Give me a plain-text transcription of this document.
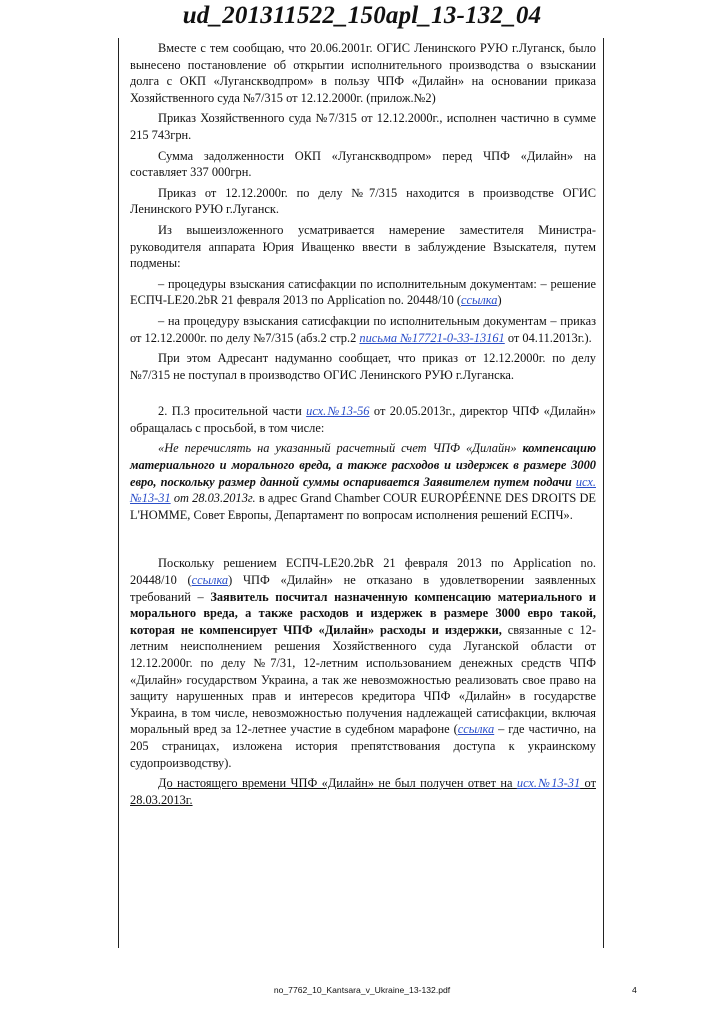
ud_201311522_150apl_13-132_04

Вместе с тем сообщаю, что 20.06.2001г. ОГИС Ленинского РУЮ г.Луганск, было вынесено постановление об открытии исполнительного производства о взыскании долга с ОКП «Луганскводпром» в пользу ЧПФ «Дилайн» на основании приказа Хозяйственного суда №7/315 от 12.12.2000г. (прилож.№2)

Приказ Хозяйственного суда №7/315 от 12.12.2000г., исполнен частично в сумме 215 743грн.

Сумма задолженности ОКП «Луганскводпром» перед ЧПФ «Дилайн» на составляет 337 000грн.

Приказ от 12.12.2000г. по делу №7/315 находится в производстве ОГИС Ленинского РУЮ г.Луганск.

Из вышеизложенного усматривается намерение заместителя Министра-руководителя аппарата Юрия Иващенко ввести в заблуждение Взыскателя, путем подмены:

– процедуры взыскания сатисфакции по исполнительным документам: – решение ЕСПЧ-LE20.2bR 21 февраля 2013 по Application no. 20448/10 (ссылка)

– на процедуру взыскания сатисфакции по исполнительным документам – приказ от 12.12.2000г. по делу №7/315 (абз.2 стр.2 письма №17721-0-33-13161 от 04.11.2013г.).

При этом Адресант надуманно сообщает, что приказ от 12.12.2000г. по делу №7/315 не поступал в производство ОГИС Ленинского РУЮ г.Луганска.

2. П.3 просительной части исх.№13-56 от 20.05.2013г., директор ЧПФ «Дилайн» обращалась с просьбой, в том числе:

«Не перечислять на указанный расчетный счет ЧПФ «Дилайн» компенсацию материального и морального вреда, а также расходов и издержек в размере 3000 евро, поскольку размер данной суммы оспаривается Заявителем путем подачи исх.№13-31 от 28.03.2013г. в адрес Grand Chamber COUR EUROPÉENNE DES DROITS DE L'HOMME, Совет Европы, Департамент по вопросам исполнения решений ЕСПЧ».

Поскольку решением ЕСПЧ-LE20.2bR 21 февраля 2013 по Application no. 20448/10 (ссылка) ЧПФ «Дилайн» не отказано в удовлетворении заявленных требований – Заявитель посчитал назначенную компенсацию материального и морального вреда, а также расходов и издержек в размере 3000 евро такой, которая не компенсирует ЧПФ «Дилайн» расходы и издержки, связанные с 12-летним неисполнением решения Хозяйственного суда Луганской области от 12.12.2000г. по делу №7/31, 12-летним использованием денежных средств ЧПФ «Дилайн» государством Украина, а так же невозможностью реализовать свое право на защиту нарушенных прав и интересов кредитора ЧПФ «Дилайн» в государстве Украина, в том числе, невозможностью получения надлежащей сатисфакции, включая моральный вред за 12-летнее участие в судебном марафоне (ссылка – где частично, на 205 страницах, изложена история препятствования доступа к украинскому судопроизводству).

До настоящего времени ЧПФ «Дилайн» не был получен ответ на исх.№13-31 от 28.03.2013г.

no_7762_10_Kantsara_v_Ukraine_13-132.pdf	4
